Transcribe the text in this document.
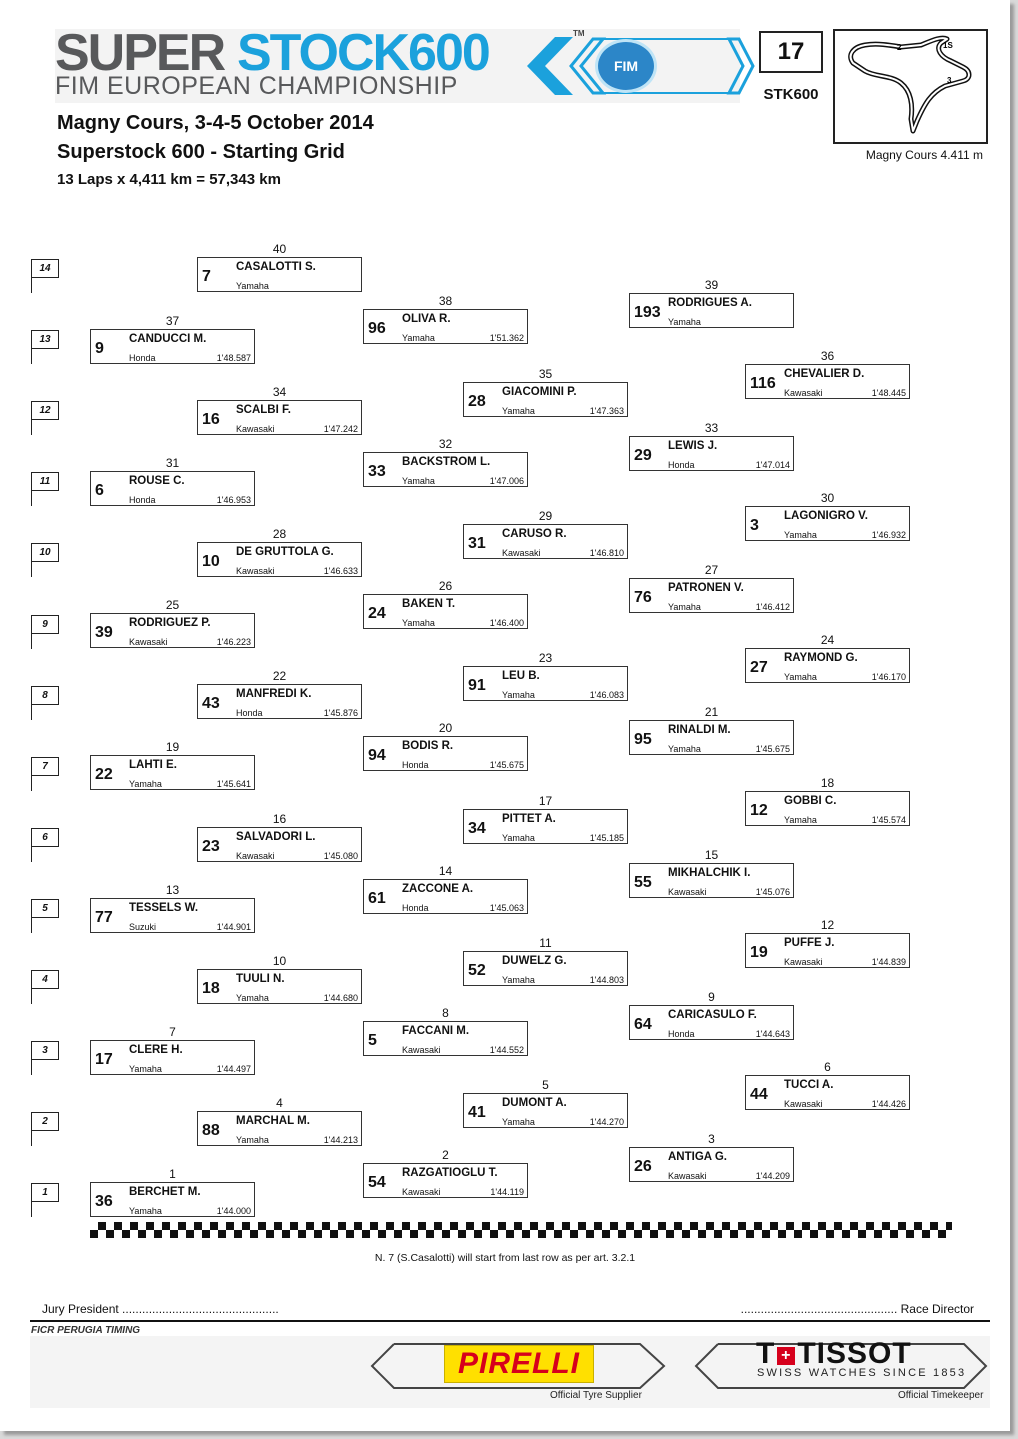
SUPER STOCK600
FIM EUROPEAN CHAMPIONSHIP
TM
FIM
17
STK600
2	1S
3
Magny Cours 4.411 m
Magny Cours, 3-4-5 October 2014
Superstock 600 - Starting Grid
13 Laps x 4,411 km = 57,343 km
14
13
12
11
10
9
8
7
6
5
4
3
2
1
40
7
CASALOTTI S.
Yamaha	39
193
RODRIGUES A.
Yamaha
38
96
OLIVA R.
Yamaha	1'51.362
37
9
CANDUCCI M.
Honda	1'48.587	36
116
CHEVALIER D.
Kawasaki	1'48.445
35
28
GIACOMINI P.
Yamaha	1'47.363
34
16
SCALBI F.
Kawasaki	1'47.242	33
29
LEWIS J.
Honda	1'47.014
32
33
BACKSTROM L.
Yamaha	1'47.006
31
6
ROUSE C.
Honda	1'46.953	30
3
LAGONIGRO V.
Yamaha	1'46.932
29
31
CARUSO R.
Kawasaki	1'46.810
28
10
DE GRUTTOLA G.
Kawasaki	1'46.633	27
76
PATRONEN V.
Yamaha	1'46.412
26
24
BAKEN T.
Yamaha	1'46.400
25
39
RODRIGUEZ P.
Kawasaki	1'46.223	24
27
RAYMOND G.
Yamaha	1'46.170
23
91
LEU B.
Yamaha	1'46.083
22
43
MANFREDI K.
Honda	1'45.876	21
95
RINALDI M.
Yamaha	1'45.675
20
94
BODIS R.
Honda	1'45.675
19
22
LAHTI E.
Yamaha	1'45.641	18
12
GOBBI C.
Yamaha	1'45.574
17
34
PITTET A.
Yamaha	1'45.185
16
23
SALVADORI L.
Kawasaki	1'45.080	15
55
MIKHALCHIK I.
Kawasaki	1'45.076
14
61
ZACCONE A.
Honda	1'45.063
13
77
TESSELS W.
Suzuki	1'44.901	12
19
PUFFE J.
Kawasaki	1'44.839
11
52
DUWELZ G.
Yamaha	1'44.803
10
18
TUULI N.
Yamaha	1'44.680	9
64
CARICASULO F.
Honda	1'44.643
8
5
FACCANI M.
Kawasaki	1'44.552
7
17
CLERE H.
Yamaha	1'44.497	6
44
TUCCI A.
Kawasaki	1'44.426
5
41
DUMONT A.
Yamaha	1'44.270
4
88
MARCHAL M.
Yamaha	1'44.213	3
26
ANTIGA G.
Kawasaki	1'44.209
2
54
RAZGATIOGLU T.
Kawasaki	1'44.119
1
36
BERCHET M.
Yamaha	1'44.000
N. 7 (S.Casalotti) will start from last row as per art. 3.2.1
Jury President ...............................................	............................................... Race Director
FICR PERUGIA TIMING
PIRELLI
Official Tyre Supplier
T + TISSOT
SWISS WATCHES SINCE 1853
Official Timekeeper
